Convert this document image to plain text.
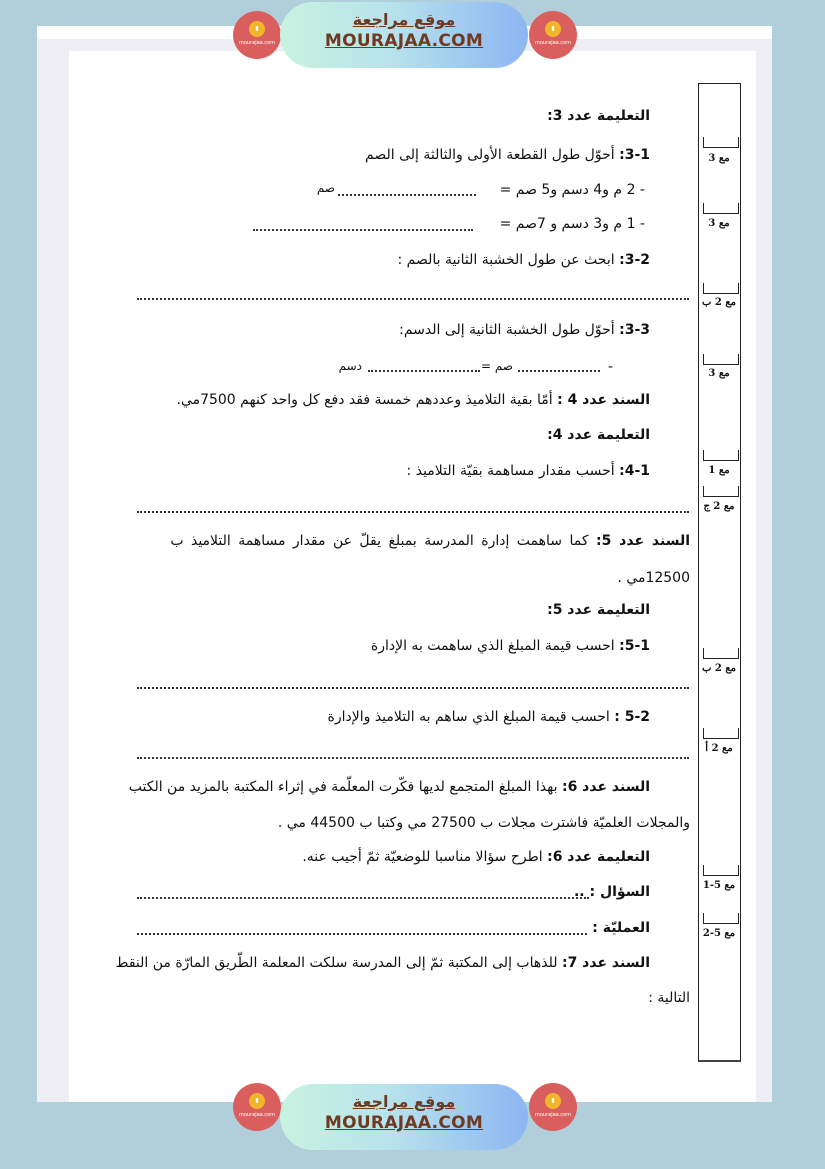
▮
mourajaa.com
موقع مراجعة
MOURAJAA.COM
▮
mourajaa.com
مع 3
مع 3
مع 2 ب
مع 3
مع 1
مع 2 ج
مع 2 ب
مع 2 أ
مع 5-1
مع 5-2
التعليمة عدد 3:
3-1: أحوّل طول القطعة الأولى والثالثة إلى الصم
- 2 م و4 دسم و5 صم =
صم
- 1 م و3 دسم و 7صم =
3-2: ابحث عن طول الخشبة الثانية بالصم :
3-3: أحوّل طول الخشبة الثانية إلى الدسم:
-
صم =
دسم
السند عدد 4 : أمّا بقية التلاميذ وعددهم خمسة فقد دفع كل واحد كنهم 7500مي.
التعليمة عدد 4:
4-1: أحسب مقدار مساهمة بقيّة التلاميذ :
السند عدد 5: كما ساهمت إدارة المدرسة بمبلغ يقلّ عن مقدار مساهمة التلاميذ ب
12500مي .
التعليمة عدد 5:
5-1: احسب قيمة المبلغ الذي ساهمت به الإدارة
5-2 : احسب قيمة المبلغ الذي ساهم به التلاميذ والإدارة
السند عدد 6: بهذا المبلغ المتجمع لديها فكّرت المعلّمة في إثراء المكتبة بالمزيد من الكتب
والمجلات العلميّة فاشترت مجلات ب 27500 مي وكتبا ب 44500 مي .
التعليمة عدد 6: اطرح سؤالا مناسبا للوضعيّة ثمّ أجيب عنه.
السؤال : ..
العمليّة :
السند عدد 7: للذهاب إلى المكتبة ثمّ إلى المدرسة سلكت المعلمة الطّريق المارّة من النقط
التالية :
▮
mourajaa.com
موقع مراجعة
MOURAJAA.COM
▮
mourajaa.com
